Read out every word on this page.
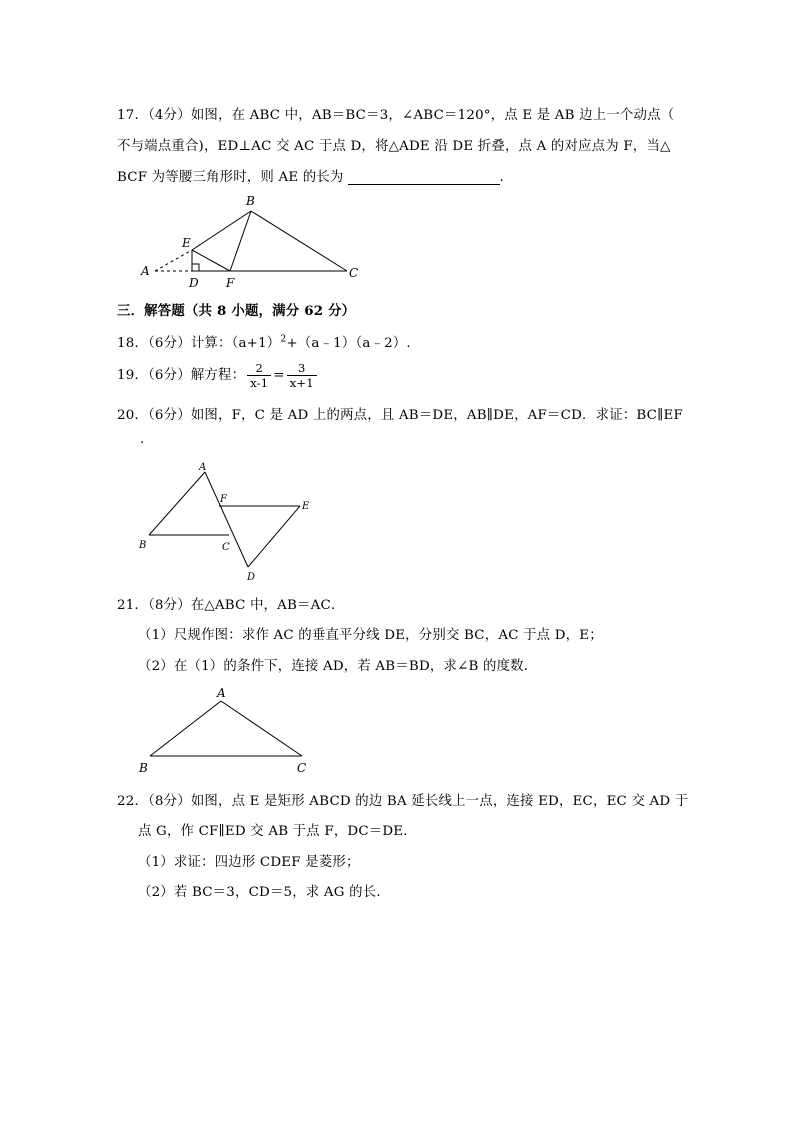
17．（4分）如图，在 ABC 中，AB＝BC＝3，∠ABC＝120°，点 E 是 AB 边上一个动点（
不与端点重合)，ED⊥AC 交 AC 于点 D，将△ADE 沿 DE 折叠，点 A 的对应点为 F，当△
BCF 为等腰三角形时，则 AE 的长为	.
A
B
C
D
E
F
三．解答题（共 8 小题，满分 62 分）
18．（6分）计算：$(a+1)^2+(a﹣1)(a﹣2)$.
19．（6分）解方程： $\frac{2}{x-1} = \frac{3}{x+1}$
20．（6分）如图，F，C 是 AD 上的两点，且 AB＝DE，AB∥DE，AF＝CD．求证：BC∥EF
.
A
B	C
D
E
F
21．（8分）在△ABC 中，AB＝AC．
（1）尺规作图：求作 AC 的垂直平分线 DE，分别交 BC，AC 于点 D，E；
（2）在（1）的条件下，连接 AD，若 AB＝BD，求∠B 的度数．
A
B	C
22．（8分）如图，点 E 是矩形 ABCD 的边 BA 延长线上一点，连接 ED，EC，EC 交 AD 于
点 G，作 CF∥ED 交 AB 于点 F，DC＝DE．
（1）求证：四边形 CDEF 是菱形；
（2）若 BC＝3，CD＝5，求 AG 的长．
